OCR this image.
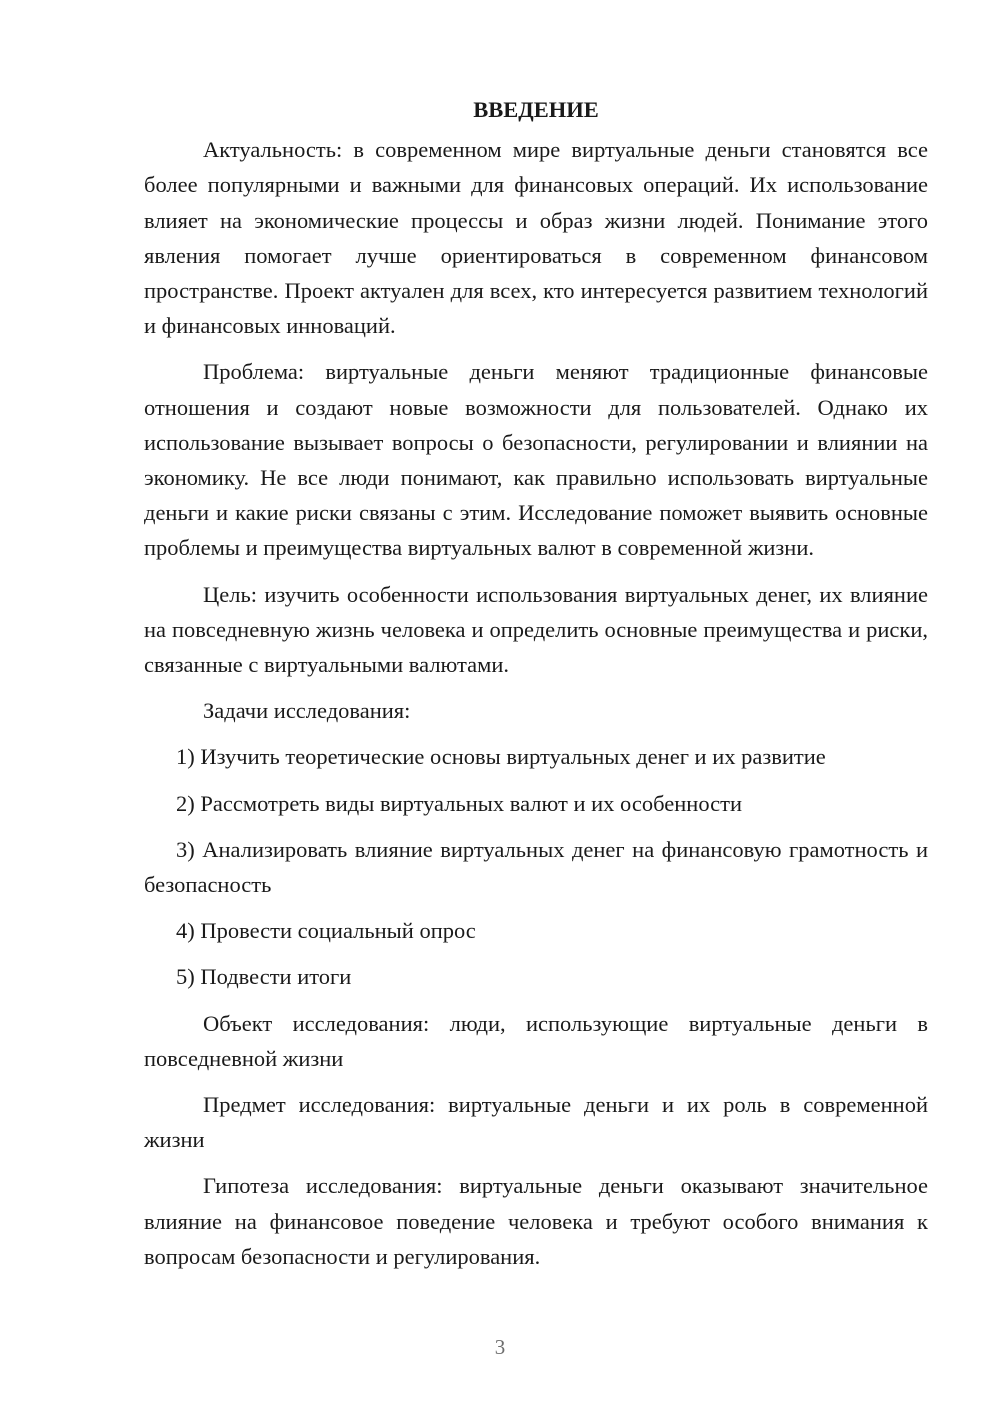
ВВЕДЕНИЕ

Актуальность: в современном мире виртуальные деньги становятся все более популярными и важными для финансовых операций. Их использование влияет на экономические процессы и образ жизни людей. Понимание этого явления помогает лучше ориентироваться в современном финансовом пространстве. Проект актуален для всех, кто интересуется развитием технологий и финансовых инноваций.

Проблема: виртуальные деньги меняют традиционные финансовые отношения и создают новые возможности для пользователей. Однако их использование вызывает вопросы о безопасности, регулировании и влиянии на экономику. Не все люди понимают, как правильно использовать виртуальные деньги и какие риски связаны с этим. Исследование поможет выявить основные проблемы и преимущества виртуальных валют в современной жизни.

Цель: изучить особенности использования виртуальных денег, их влияние на повседневную жизнь человека и определить основные преимущества и риски, связанные с виртуальными валютами.

Задачи исследования:

1) Изучить теоретические основы виртуальных денег и их развитие

2) Рассмотреть виды виртуальных валют и их особенности

3) Анализировать влияние виртуальных денег на финансовую грамотность и безопасность

4) Провести социальный опрос

5) Подвести итоги

Объект исследования: люди, использующие виртуальные деньги в повседневной жизни

Предмет исследования: виртуальные деньги и их роль в современной жизни

Гипотеза исследования: виртуальные деньги оказывают значительное влияние на финансовое поведение человека и требуют особого внимания к вопросам безопасности и регулирования.

3
